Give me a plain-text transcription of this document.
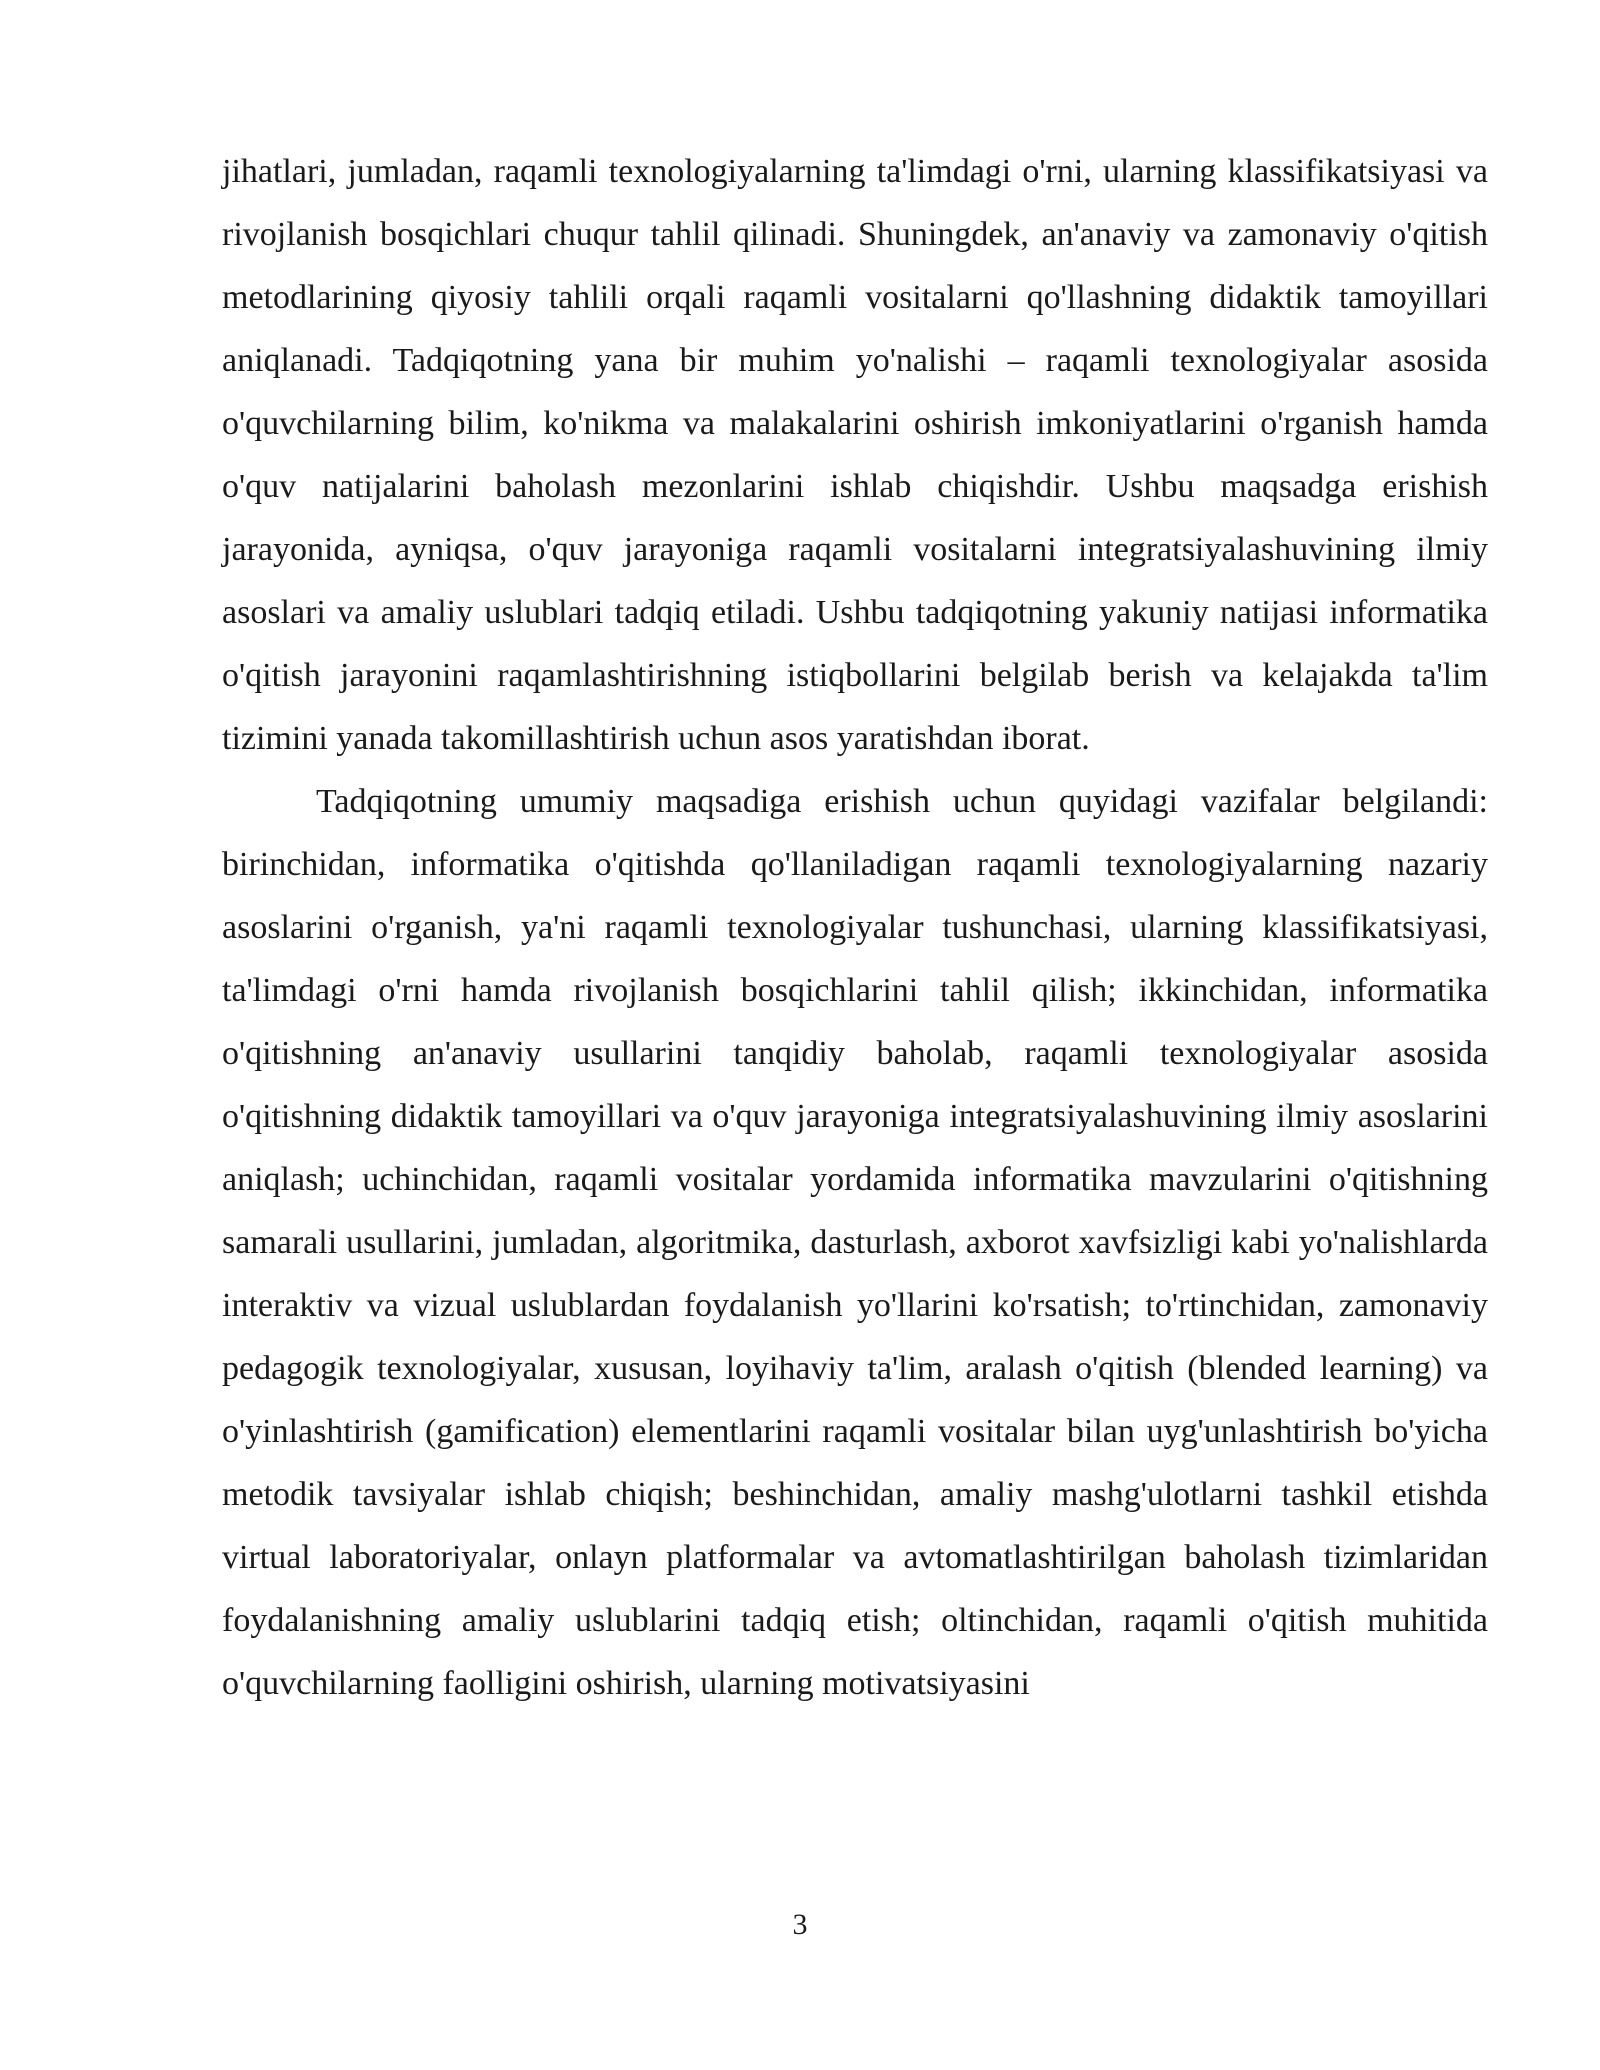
jihatlari, jumladan, raqamli texnologiyalarning ta'limdagi o'rni, ularning klassifikatsiyasi va rivojlanish bosqichlari chuqur tahlil qilinadi. Shuningdek, an'anaviy va zamonaviy o'qitish metodlarining qiyosiy tahlili orqali raqamli vositalarni qo'llashning didaktik tamoyillari aniqlanadi. Tadqiqotning yana bir muhim yo'nalishi – raqamli texnologiyalar asosida o'quvchilarning bilim, ko'nikma va malakalarini oshirish imkoniyatlarini o'rganish hamda o'quv natijalarini baholash mezonlarini ishlab chiqishdir. Ushbu maqsadga erishish jarayonida, ayniqsa, o'quv jarayoniga raqamli vositalarni integratsiyalashuvining ilmiy asoslari va amaliy uslublari tadqiq etiladi. Ushbu tadqiqotning yakuniy natijasi informatika o'qitish jarayonini raqamlashtirishning istiqbollarini belgilab berish va kelajakda ta'lim tizimini yanada takomillashtirish uchun asos yaratishdan iborat.

Tadqiqotning umumiy maqsadiga erishish uchun quyidagi vazifalar belgilandi: birinchidan, informatika o'qitishda qo'llaniladigan raqamli texnologiyalarning nazariy asoslarini o'rganish, ya'ni raqamli texnologiyalar tushunchasi, ularning klassifikatsiyasi, ta'limdagi o'rni hamda rivojlanish bosqichlarini tahlil qilish; ikkinchidan, informatika o'qitishning an'anaviy usullarini tanqidiy baholab, raqamli texnologiyalar asosida o'qitishning didaktik tamoyillari va o'quv jarayoniga integratsiyalashuvining ilmiy asoslarini aniqlash; uchinchidan, raqamli vositalar yordamida informatika mavzularini o'qitishning samarali usullarini, jumladan, algoritmika, dasturlash, axborot xavfsizligi kabi yo'nalishlarda interaktiv va vizual uslublardan foydalanish yo'llarini ko'rsatish; to'rtinchidan, zamonaviy pedagogik texnologiyalar, xususan, loyihaviy ta'lim, aralash o'qitish (blended learning) va o'yinlashtirish (gamification) elementlarini raqamli vositalar bilan uyg'unlashtirish bo'yicha metodik tavsiyalar ishlab chiqish; beshinchidan, amaliy mashg'ulotlarni tashkil etishda virtual laboratoriyalar, onlayn platformalar va avtomatlashtirilgan baholash tizimlaridan foydalanishning amaliy uslublarini tadqiq etish; oltinchidan, raqamli o'qitish muhitida o'quvchilarning faolligini oshirish, ularning motivatsiyasini

3
